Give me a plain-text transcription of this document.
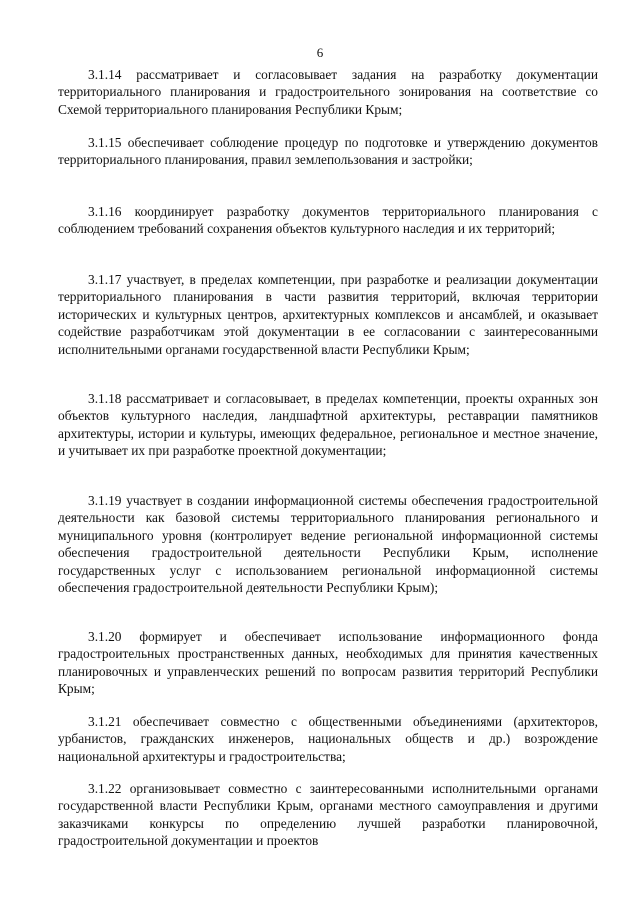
6

3.1.14 рассматривает и согласовывает задания на разработку документации территориального планирования и градостроительного зонирования на соответствие со Схемой территориального планирования Республики Крым;

3.1.15 обеспечивает соблюдение процедур по подготовке и утверждению документов территориального планирования, правил землепользования и застройки;

3.1.16 координирует разработку документов территориального планирования с соблюдением требований сохранения объектов культурного наследия и их территорий;

3.1.17 участвует, в пределах компетенции, при разработке и реализации документации территориального планирования в части развития территорий, включая территории исторических и культурных центров, архитектурных комплексов и ансамблей, и оказывает содействие разработчикам этой документации в ее согласовании с заинтересованными исполнительными органами государственной власти Республики Крым;

3.1.18 рассматривает и согласовывает, в пределах компетенции, проекты охранных зон объектов культурного наследия, ландшафтной архитектуры, реставрации памятников архитектуры, истории и культуры, имеющих федеральное, региональное и местное значение, и учитывает их при разработке проектной документации;

3.1.19 участвует в создании информационной системы обеспечения градостроительной деятельности как базовой системы территориального планирования регионального и муниципального уровня (контролирует ведение региональной информационной системы обеспечения градостроительной деятельности Республики Крым, исполнение государственных услуг с использованием региональной информационной системы обеспечения градостроительной деятельности Республики Крым);

3.1.20 формирует и обеспечивает использование информационного фонда градостроительных пространственных данных, необходимых для принятия качественных планировочных и управленческих решений по вопросам развития территорий Республики Крым;

3.1.21 обеспечивает совместно с общественными объединениями (архитекторов, урбанистов, гражданских инженеров, национальных обществ и др.) возрождение национальной архитектуры и градостроительства;

3.1.22 организовывает совместно с заинтересованными исполнительными органами государственной власти Республики Крым, органами местного самоуправления и другими заказчиками конкурсы по определению лучшей разработки планировочной, градостроительной документации и проектов
